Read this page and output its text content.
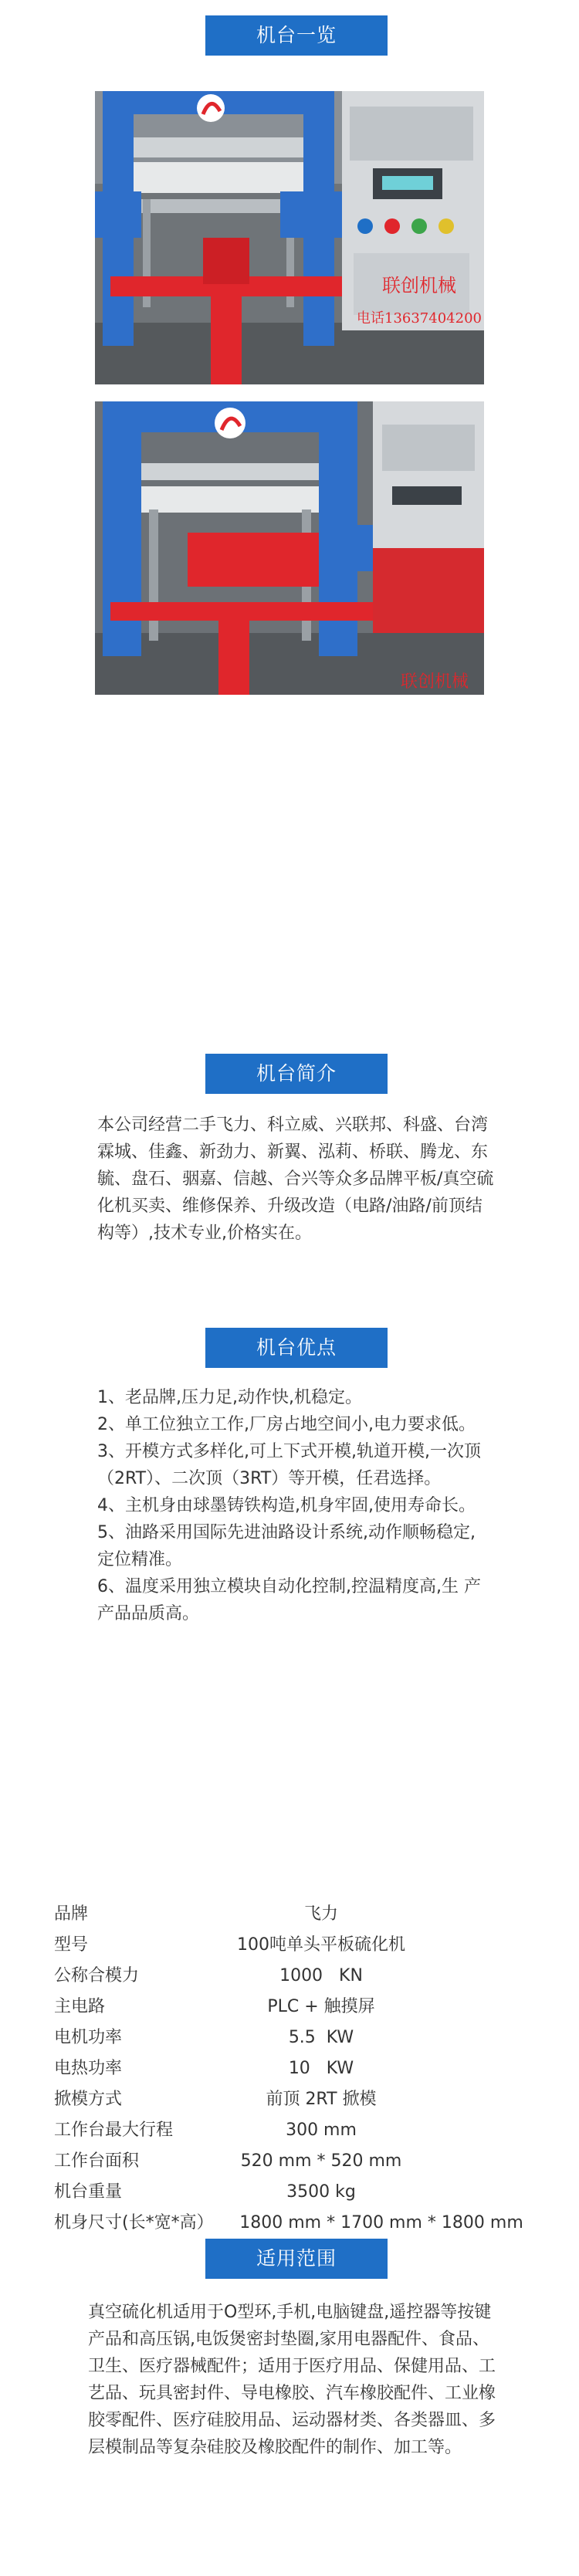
机台一览
联创机械
电话13637404200
联创机械
机台简介

本公司经营二手飞力、科立威、兴联邦、科盛、台湾霖城、佳鑫、新劲力、新翼、泓莉、桥联、腾龙、东毓、盘石、骃嘉、信越、合兴等众多品牌平板/真空硫化机买卖、维修保养、升级改造（电路/油路/前顶结构等）,技术专业,价格实在。

机台优点

1、老品牌,压力足,动作快,机稳定。

2、单工位独立工作,厂房占地空间小,电力要求低。

3、开模方式多样化,可上下式开模,轨道开模,一次顶（2RT）、二次顶（3RT）等开模，任君选择。

4、主机身由球墨铸铁构造,机身牢固,使用寿命长。

5、油路采用国际先进油路设计系统,动作顺畅稳定,定位精准。

6、温度采用独立模块自动化控制,控温精度高,生 产产品品质高。

品牌	飞力
型号	100吨单头平板硫化机
公称合模力	1000   KN
主电路	PLC + 触摸屏
电机功率	5.5  KW
电热功率	10   KW
掀模方式	前顶 2RT 掀模
工作台最大行程	300 mm
工作台面积	520 mm * 520 mm
机台重量	3500 kg
机身尺寸(长*宽*高） 1800 mm * 1700 mm * 1800 mm
适用范围

真空硫化机适用于O型环,手机,电脑键盘,遥控器等按键产品和高压锅,电饭煲密封垫圈,家用电器配件、食品、卫生、医疗器械配件；适用于医疗用品、保健用品、工艺品、玩具密封件、导电橡胶、汽车橡胶配件、工业橡胶零配件、医疗硅胶用品、运动器材类、各类器皿、多层模制品等复杂硅胶及橡胶配件的制作、加工等。
